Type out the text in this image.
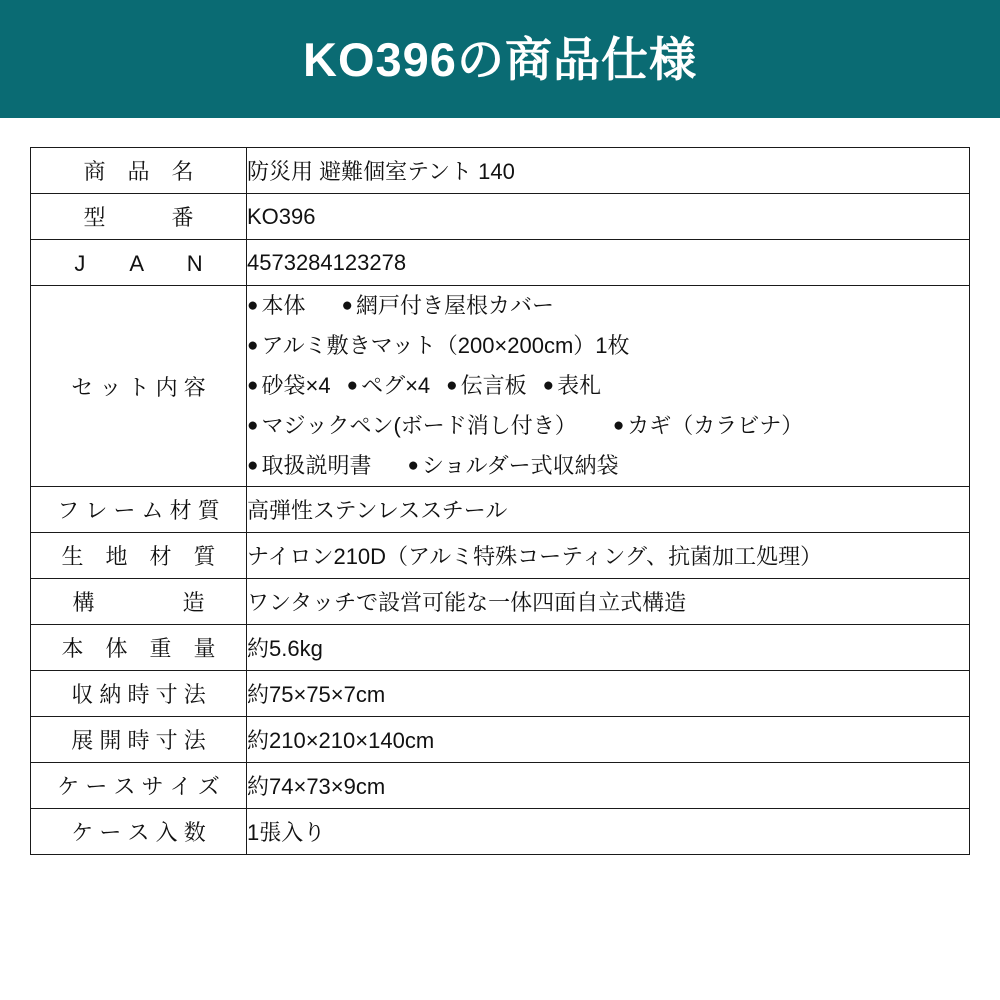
KO396の商品仕様
商　品　名	防災用 避難個室テント 140
型　　　番	KO396
J　　A　　N	4573284123278
セ ッ ト 内 容	● 本体 ● 網戸付き屋根カバー
● アルミ敷きマット（200×200cm）1枚
● 砂袋×4 ● ペグ×4 ● 伝言板 ● 表札
● マジックペン(ボード消し付き） ● カギ（カラビナ）
● 取扱説明書 ● ショルダー式収納袋

フ レ ー ム 材 質	高弾性ステンレススチール
生　地　材　質	ナイロン210D（アルミ特殊コーティング、抗菌加工処理）
構　　　　造	ワンタッチで設営可能な一体四面自立式構造
本　体　重　量	約5.6kg
収 納 時 寸 法	約75×75×7cm
展 開 時 寸 法	約210×210×140cm
ケ ー ス サ イ ズ	約74×73×9cm
ケ ー ス 入 数	1張入り
